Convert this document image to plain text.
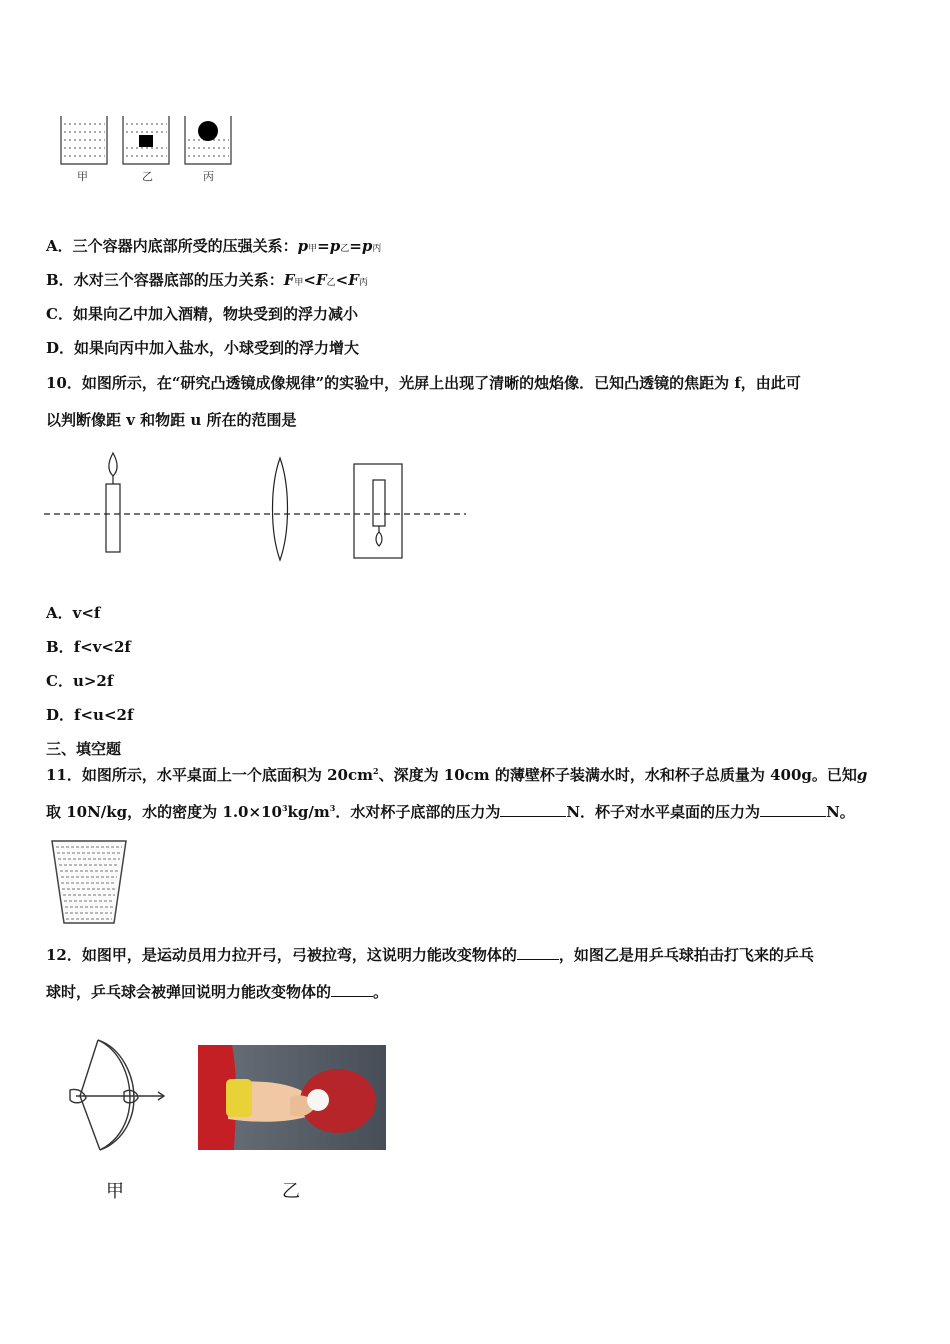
甲	乙	丙
A．三个容器内底部所受的压强关系：p甲=p乙=p丙
B．水对三个容器底部的压力关系：F甲<F乙<F丙
C．如果向乙中加入酒精，物块受到的浮力减小
D．如果向丙中加入盐水，小球受到的浮力增大
10．如图所示，在“研究凸透镜成像规律”的实验中，光屏上出现了清晰的烛焰像．已知凸透镜的焦距为 f，由此可
以判断像距 v 和物距 u 所在的范围是
A．v<f
B．f<v<2f
C．u>2f
D．f<u<2f
三、填空题
11．如图所示，水平桌面上一个底面积为 $20cm^2$、深度为 10cm 的薄壁杯子装满水时，水和杯子总质量为 400g。已知g
取 10N/kg，水的密度为 $1.0\times 10^3kg/m^3$．水对杯子底部的压力为	N．杯子对水平桌面的压力为	N。
12．如图甲，是运动员用力拉开弓，弓被拉弯，这说明力能改变物体的	，如图乙是用乒乓球拍击打飞来的乒乓
球时，乒乓球会被弹回说明力能改变物体的	。
甲	乙
